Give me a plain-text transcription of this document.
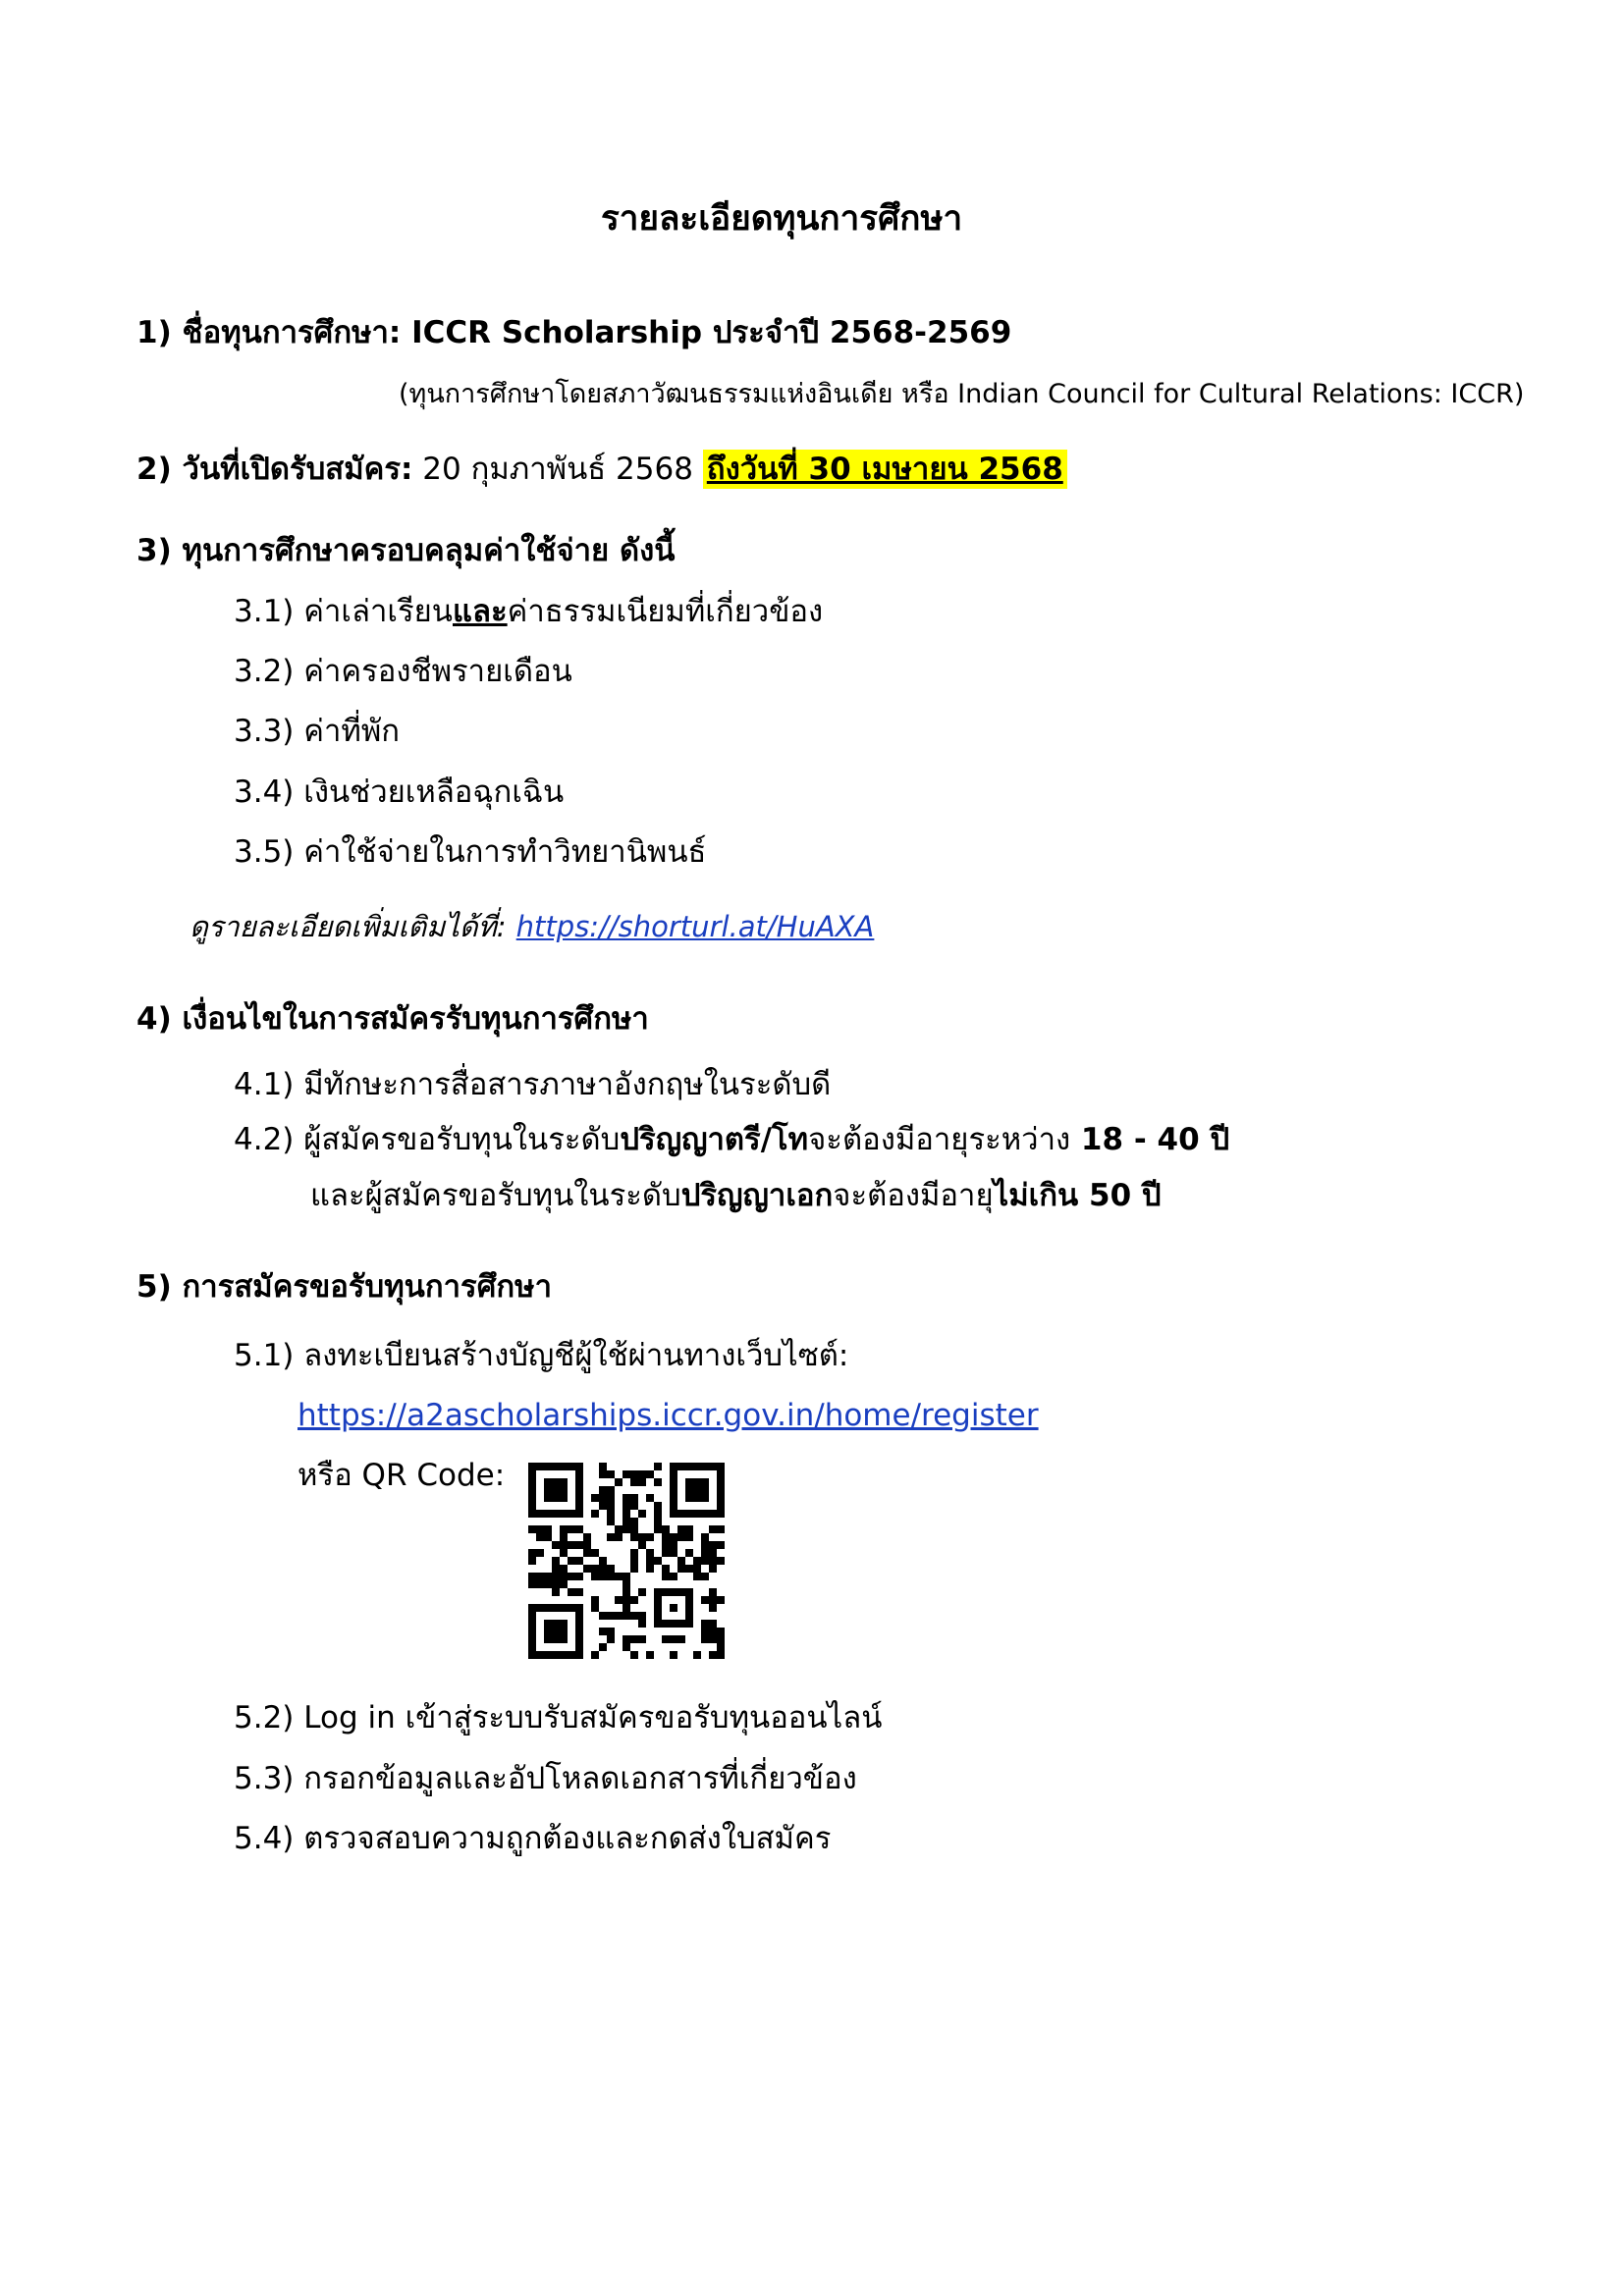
รายละเอียดทุนการศึกษา
1) ชื่อทุนการศึกษา: ICCR Scholarship ประจำปี 2568-2569
(ทุนการศึกษาโดยสภาวัฒนธรรมแห่งอินเดีย หรือ Indian Council for Cultural Relations: ICCR)
2) วันที่เปิดรับสมัคร: 20 กุมภาพันธ์ 2568 ถึงวันที่ 30 เมษายน 2568
3) ทุนการศึกษาครอบคลุมค่าใช้จ่าย ดังนี้
3.1) ค่าเล่าเรียนและค่าธรรมเนียมที่เกี่ยวข้อง
3.2) ค่าครองชีพรายเดือน
3.3) ค่าที่พัก
3.4) เงินช่วยเหลือฉุกเฉิน
3.5) ค่าใช้จ่ายในการทำวิทยานิพนธ์
ดูรายละเอียดเพิ่มเติมได้ที่: https://shorturl.at/HuAXA
4) เงื่อนไขในการสมัครรับทุนการศึกษา
4.1) มีทักษะการสื่อสารภาษาอังกฤษในระดับดี
4.2) ผู้สมัครขอรับทุนในระดับปริญญาตรี/โทจะต้องมีอายุระหว่าง 18 - 40 ปี
และผู้สมัครขอรับทุนในระดับปริญญาเอกจะต้องมีอายุไม่เกิน 50 ปี
5) การสมัครขอรับทุนการศึกษา
5.1) ลงทะเบียนสร้างบัญชีผู้ใช้ผ่านทางเว็บไซต์:
https://a2ascholarships.iccr.gov.in/home/register
หรือ QR Code:
5.2) Log in เข้าสู่ระบบรับสมัครขอรับทุนออนไลน์
5.3) กรอกข้อมูลและอัปโหลดเอกสารที่เกี่ยวข้อง
5.4) ตรวจสอบความถูกต้องและกดส่งใบสมัคร
